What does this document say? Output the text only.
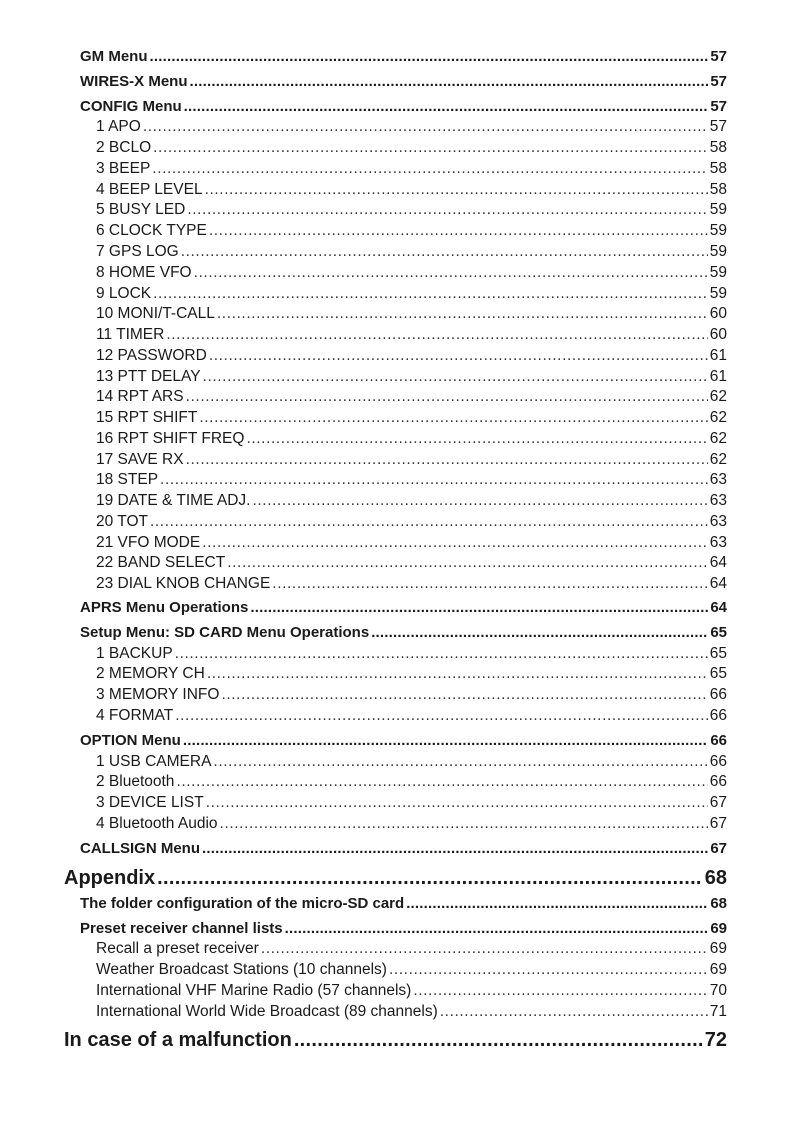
GM Menu .....	57
WIRES-X Menu .....	57
CONFIG Menu .....	57
1 APO .....	57
2 BCLO .....	58
3 BEEP .....	58
4 BEEP LEVEL .....	58
5 BUSY LED .....	59
6 CLOCK TYPE .....	59
7 GPS LOG .....	59
8 HOME VFO .....	59
9 LOCK .....	59
10 MONI/T-CALL .....	60
11 TIMER .....	60
12 PASSWORD .....	61
13 PTT DELAY .....	61
14 RPT ARS .....	62
15 RPT SHIFT .....	62
16 RPT SHIFT FREQ .....	62
17 SAVE RX .....	62
18 STEP .....	63
19 DATE & TIME ADJ. .....	63
20 TOT .....	63
21 VFO MODE .....	63
22 BAND SELECT .....	64
23 DIAL KNOB CHANGE .....	64
APRS Menu Operations .....	64
Setup Menu: SD CARD Menu Operations .....	65
1 BACKUP .....	65
2 MEMORY CH .....	65
3 MEMORY INFO .....	66
4 FORMAT .....	66
OPTION Menu .....	66
1 USB CAMERA .....	66
2 Bluetooth .....	66
3 DEVICE LIST .....	67
4 Bluetooth Audio .....	67
CALLSIGN Menu .....	67
Appendix .....	68
The folder configuration of the micro-SD card .....	68
Preset receiver channel lists .....	69
Recall a preset receiver .....	69
Weather Broadcast Stations (10 channels) .....	69
International VHF Marine Radio (57 channels) .....	70
International World Wide Broadcast (89 channels) .....	71
In case of a malfunction .....	72
